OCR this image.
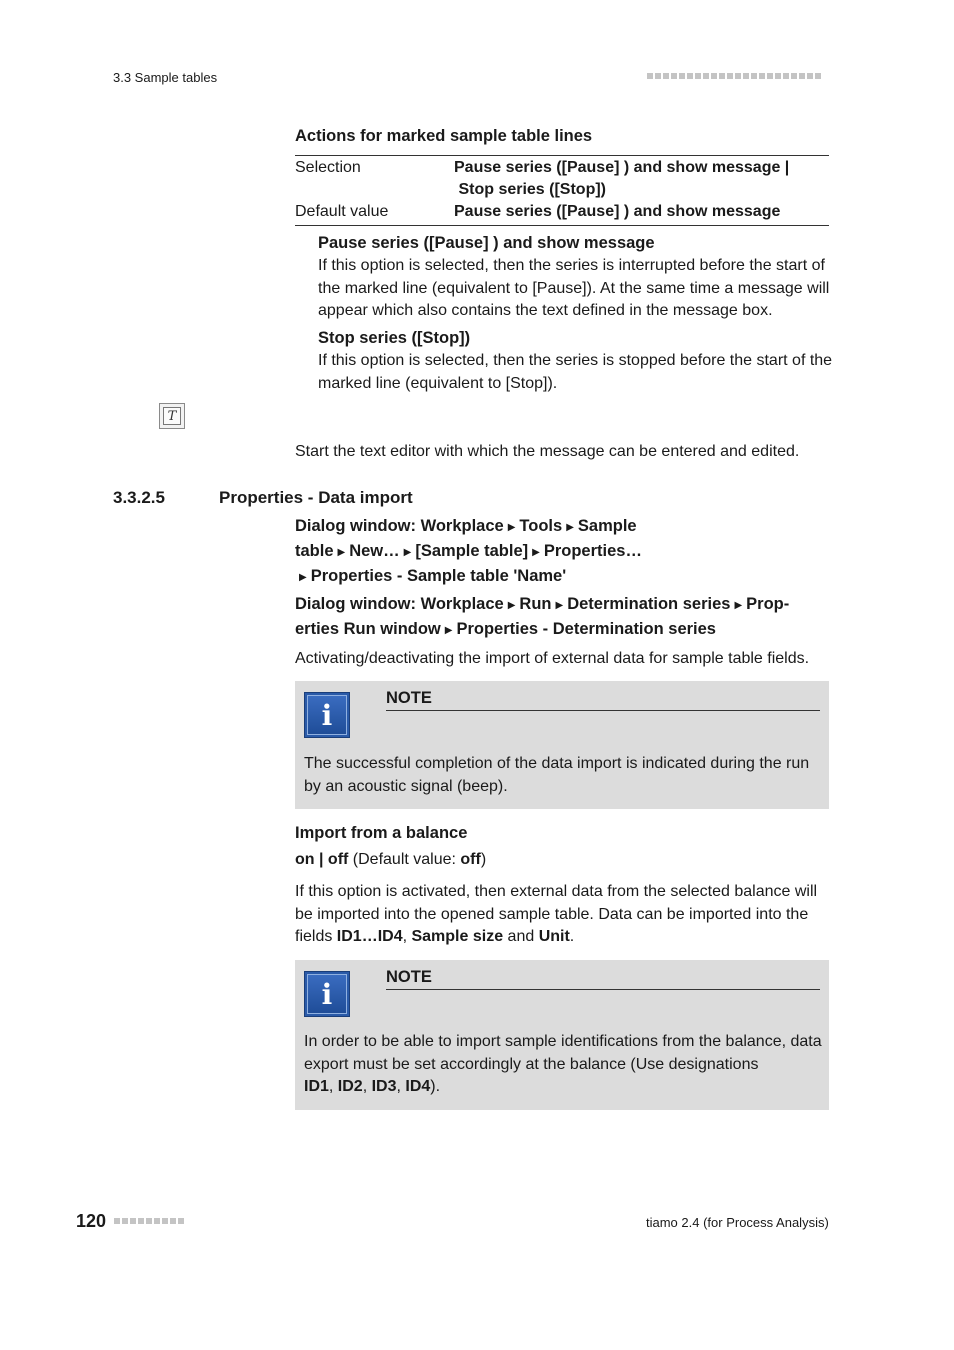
3.3 Sample tables
Actions for marked sample table lines
Selection	Pause series ([Pause] ) and show message |
Stop series ([Stop])
Default value	Pause series ([Pause] ) and show message
Pause series ([Pause] ) and show message
If this option is selected, then the series is interrupted before the start of the marked line (equivalent to [Pause]). At the same time a message will appear which also contains the text defined in the message box.
Stop series ([Stop])
If this option is selected, then the series is stopped before the start of the marked line (equivalent to [Stop]).
T
Start the text editor with which the message can be entered and edited.
3.3.2.5	Properties - Data import
Dialog window: Workplace ▶ Tools ▶ Sample table ▶ New… ▶ [Sample table] ▶ Properties…▶ Properties - Sample table 'Name'
Dialog window: Workplace ▶ Run ▶ Determination series ▶ Prop-erties Run window ▶ Properties - Determination series
Activating/deactivating the import of external data for sample table fields.
i
NOTE
The successful completion of the data import is indicated during the run by an acoustic signal (beep).
Import from a balance
on | off (Default value: off)
If this option is activated, then external data from the selected balance will be imported into the opened sample table. Data can be imported into the fields ID1…ID4, Sample size and Unit.
i
NOTE
In order to be able to import sample identifications from the balance, data export must be set accordingly at the balance (Use designations ID1, ID2, ID3, ID4).
120	tiamo 2.4 (for Process Analysis)
